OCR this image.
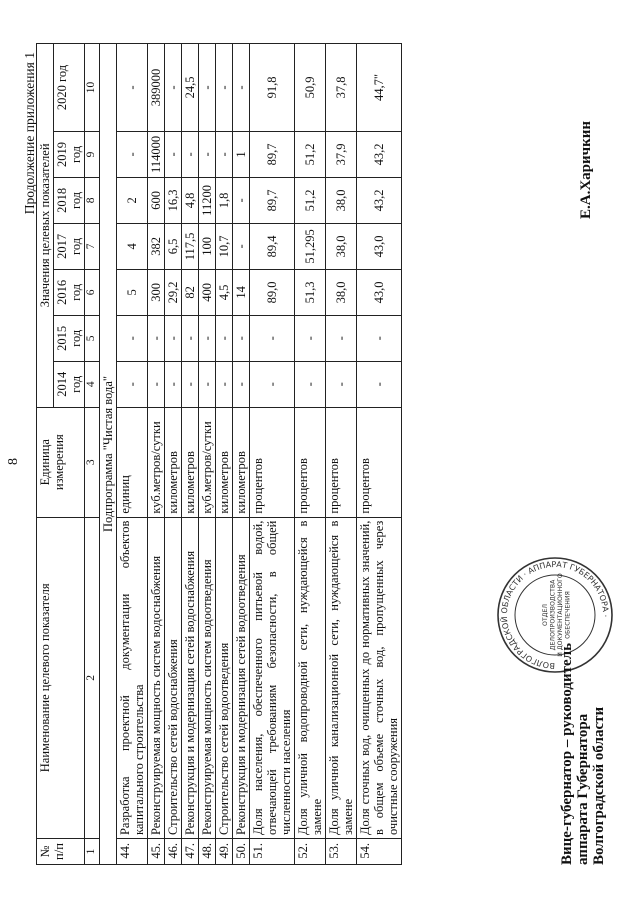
8
Продолжение приложения 1
№ п/п	Наименование целевого показателя	Единица измерения	Значения целевых показателей						
			2014 год	2015 год	2016 год	2017 год	2018 год	2019 год	2020 год
1	2	3	4	5	6	7	8	9	10
Подпрограмма "Чистая вода"									
44.	Разработка проектной документации объектов капитального строительства	единиц	-	-	5	4	2	-	-
45.	Реконструируемая мощность систем водоснабжения	куб.метров/сутки	-	-	300	382	600	114000	389000
46.	Строительство сетей водоснабжения	километров	-	-	29,2	6,5	16,3	-	-
47.	Реконструкция и модернизация сетей водоснабжения	километров	-	-	82	117,5	4,8	-	24,5
48.	Реконструируемая мощность систем водоотведения	куб.метров/сутки	-	-	400	100	11200	-	-
49.	Строительство сетей водоотведения	километров	-	-	4,5	10,7	1,8	-	-
50.	Реконструкция и модернизация сетей водоотведения	километров	-	-	14	-	-	1	-
51.	Доля населения, обеспеченного питьевой водой, отвечающей требованиям безопасности, в общей численности населения	процентов	-	-	89,0	89,4	89,7	89,7	91,8
52.	Доля уличной водопроводной сети, нуждающейся в замене	процентов	-	-	51,3	51,295	51,2	51,2	50,9
53.	Доля уличной канализационной сети, нуждающейся в замене	процентов	-	-	38,0	38,0	38,0	37,9	37,8
54.	Доля сточных вод, очищенных до нормативных значений, в общем объеме сточных вод, пропущенных через очистные сооружения	процентов	-	-	43,0	43,0	43,2	43,2	44,7"
ВОЛГОГРАДСКОЙ ОБЛАСТИ · АППАРАТ ГУБЕРНАТОРА ·
ОТДЕЛ ДЕЛОПРОИЗВОДСТВА И ДОКУМЕНТАЦИОННОГО ОБЕСПЕЧЕНИЯ
Вице-губернатор – руководитель аппарата Губернатора Волгоградской области
Е.А.Харичкин
